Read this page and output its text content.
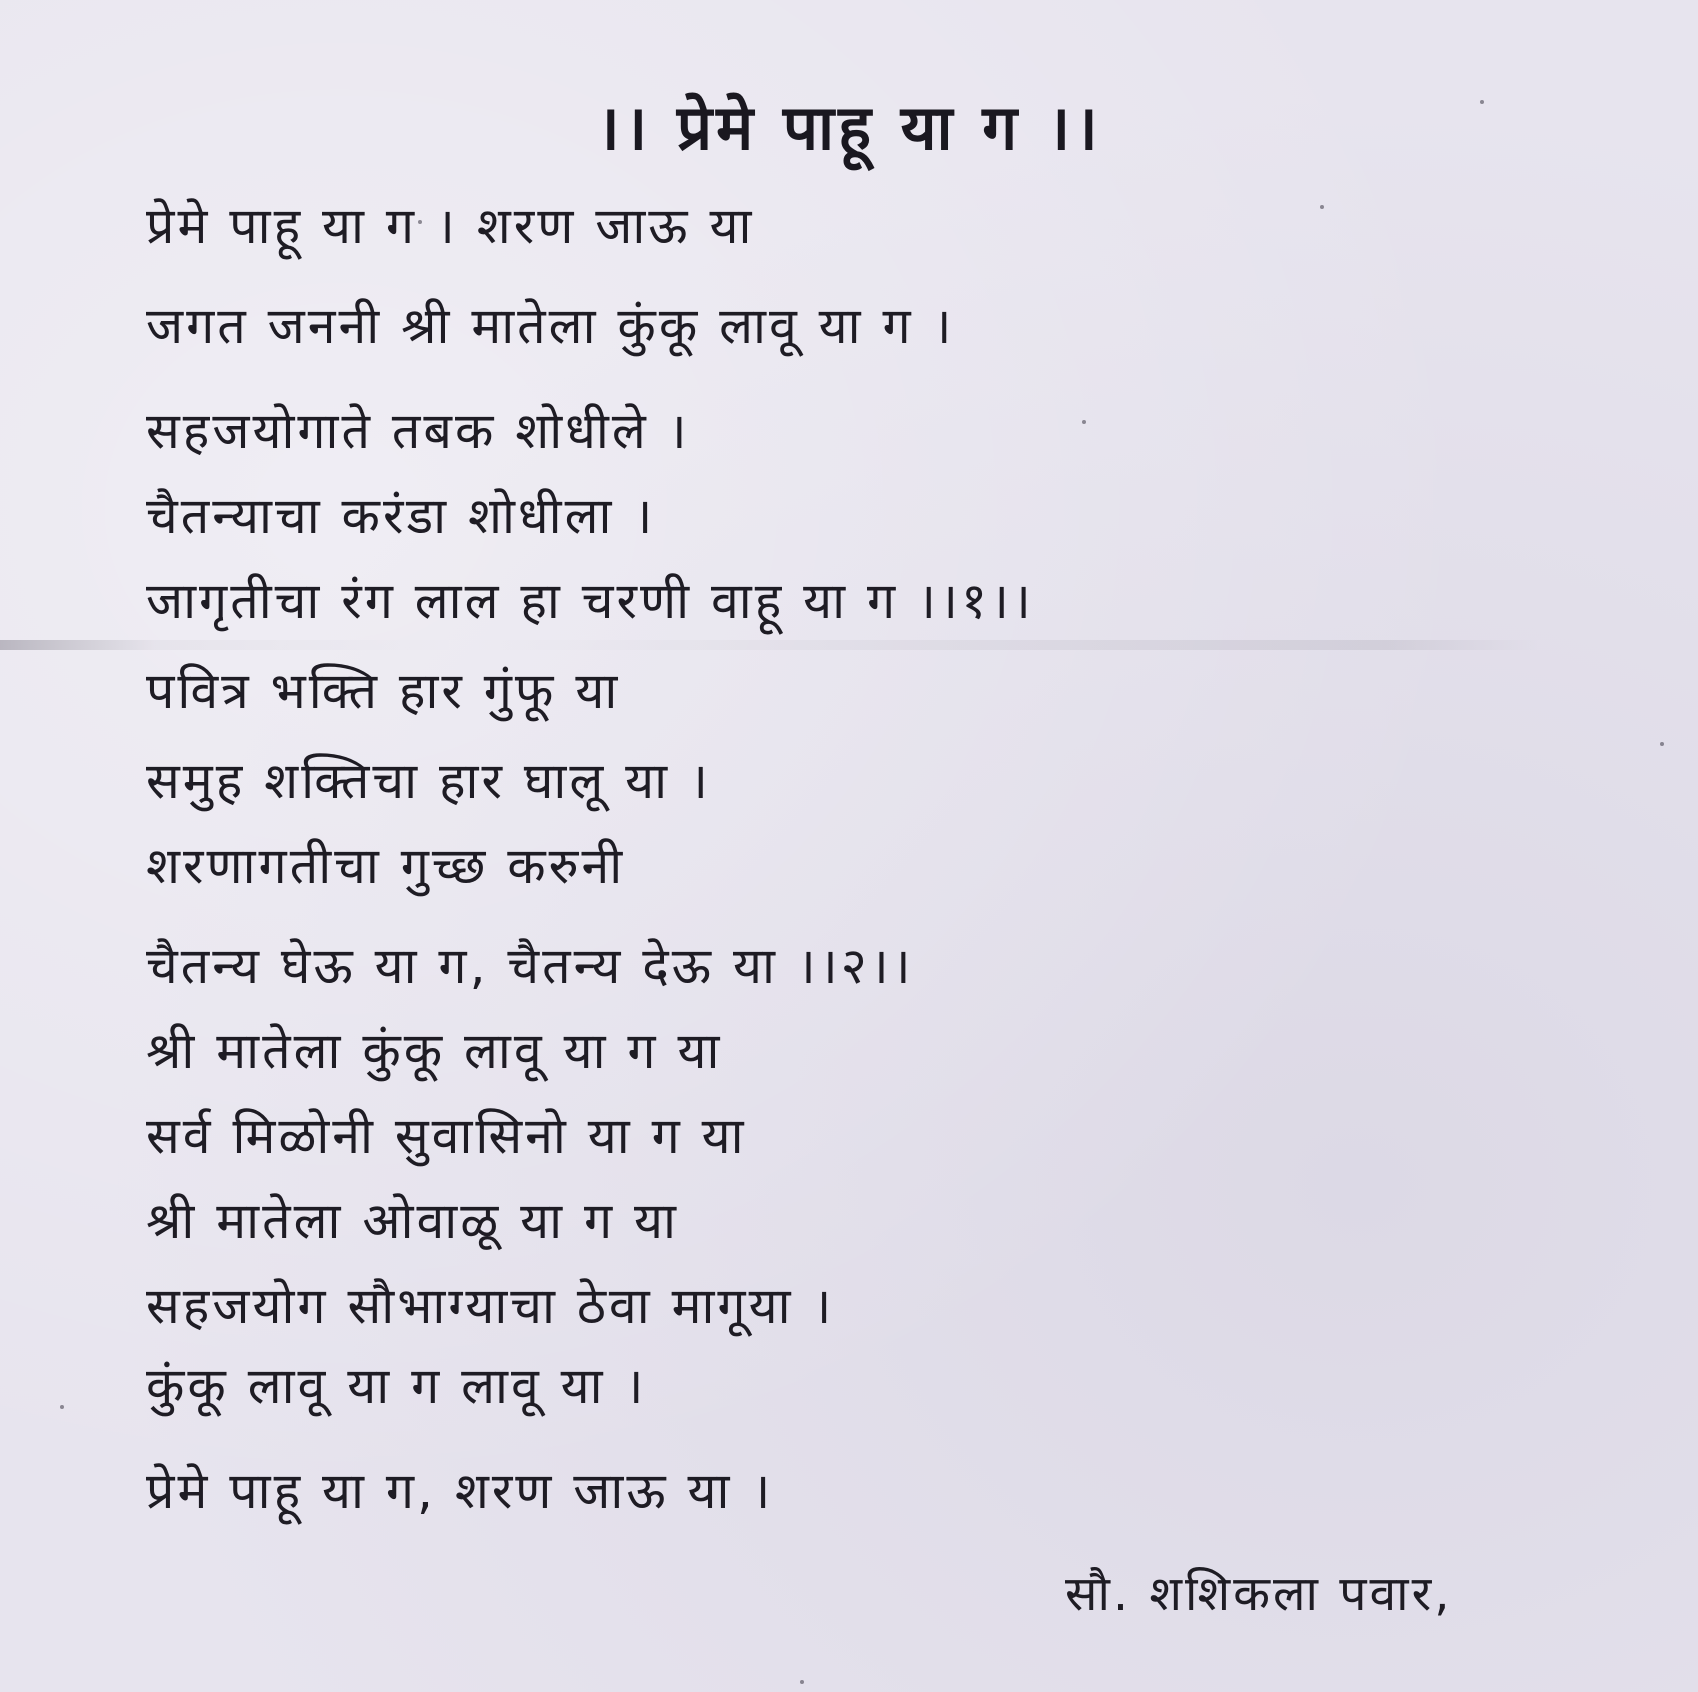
।। प्रेमे पाहू या ग ।।
प्रेमे पाहू या ग । शरण जाऊ या
जगत जननी श्री मातेला कुंकू लावू या ग ।
सहजयोगाते तबक शोधीले ।
चैतन्याचा करंडा शोधीला ।
जागृतीचा रंग लाल हा चरणी वाहू या ग ।।१।।
पवित्र भक्ति हार गुंफू या
समुह शक्तिचा हार घालू या ।
शरणागतीचा गुच्छ करुनी
चैतन्य घेऊ या ग, चैतन्य देऊ या ।।२।।
श्री मातेला कुंकू लावू या ग या
सर्व मिळोनी सुवासिनो या ग या
श्री मातेला ओवाळू या ग या
सहजयोग सौभाग्याचा ठेवा मागूया ।
कुंकू लावू या ग लावू या ।
प्रेमे पाहू या ग, शरण जाऊ या ।
सौ. शशिकला पवार,
